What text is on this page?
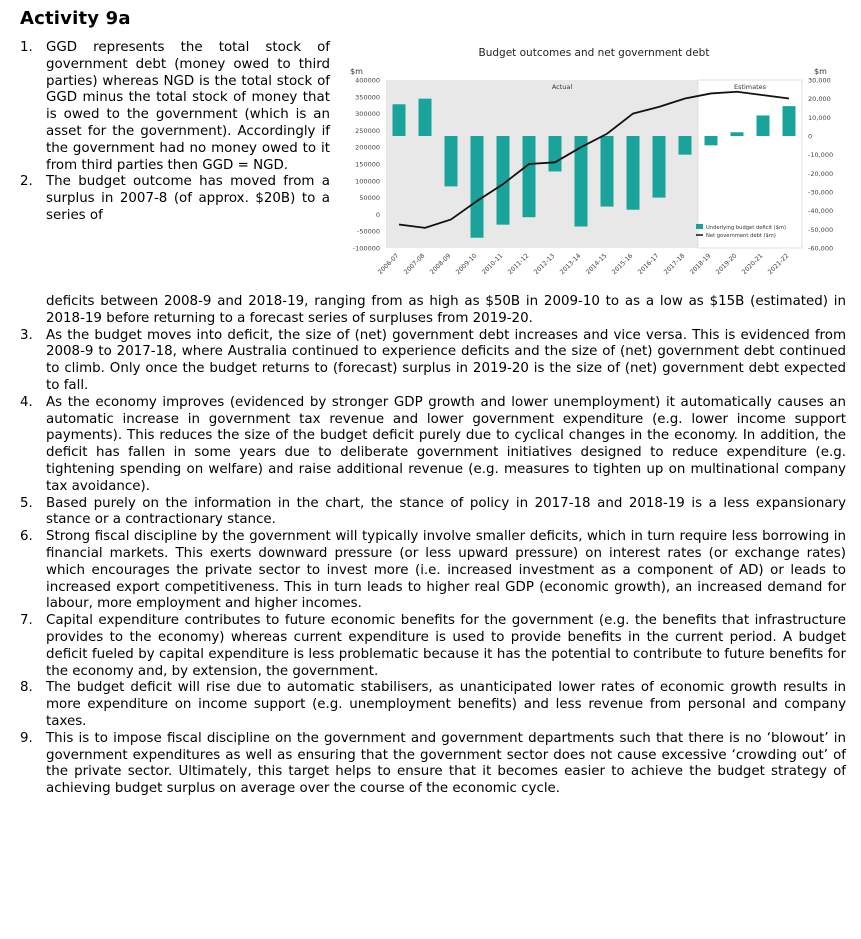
Activity 9a
1. GGD represents the total stock of government debt (money owed to third parties) whereas NGD is the total stock of GGD minus the total stock of money that is owed to the government (which is an asset for the government). Accordingly if the government had no money owed to it from third parties then GGD = NGD.

2. The budget outcome has moved from a surplus in 2007-8 (of approx. $20B) to a series of

Budget outcomes and net government debt
$m	$m
Actual	Estimates
400000
350000
300000
250000
200000
150000
100000
50000
0
-50000
-100000
30,000
20,000
10,000
0
-10,000
-20,000
-30,000
-40,000
-50,000
-60,000
2006-07 2007-08 2008-09 2009-10 2010-11 2011-12 2012-13 2013-14 2014-15 2015-16 2016-17 2017-18 2018-19 2019-20 2020-21 2021-22
Underlying budget deficit ($m)
Net government debt ($m)

deficits between 2008-9 and 2018-19, ranging from as high as $50B in 2009-10 to as a low as $15B (estimated) in 2018-19 before returning to a forecast series of surpluses from 2019-20.

3. As the budget moves into deficit, the size of (net) government debt increases and vice versa. This is evidenced from 2008-9 to 2017-18, where Australia continued to experience deficits and the size of (net) government debt continued to climb. Only once the budget returns to (forecast) surplus in 2019-20 is the size of (net) government debt expected to fall.

4. As the economy improves (evidenced by stronger GDP growth and lower unemployment) it automatically causes an automatic increase in government tax revenue and lower government expenditure (e.g. lower income support payments). This reduces the size of the budget deficit purely due to cyclical changes in the economy. In addition, the deficit has fallen in some years due to deliberate government initiatives designed to reduce expenditure (e.g. tightening spending on welfare) and raise additional revenue (e.g. measures to tighten up on multinational company tax avoidance).

5. Based purely on the information in the chart, the stance of policy in 2017-18 and 2018-19 is a less expansionary stance or a contractionary stance.

6. Strong fiscal discipline by the government will typically involve smaller deficits, which in turn require less borrowing in financial markets. This exerts downward pressure (or less upward pressure) on interest rates (or exchange rates) which encourages the private sector to invest more (i.e. increased investment as a component of AD) or leads to increased export competitiveness. This in turn leads to higher real GDP (economic growth), an increased demand for labour, more employment and higher incomes.

7. Capital expenditure contributes to future economic benefits for the government (e.g. the benefits that infrastructure provides to the economy) whereas current expenditure is used to provide benefits in the current period. A budget deficit fueled by capital expenditure is less problematic because it has the potential to contribute to future benefits for the economy and, by extension, the government.

8. The budget deficit will rise due to automatic stabilisers, as unanticipated lower rates of economic growth results in more expenditure on income support (e.g. unemployment benefits) and less revenue from personal and company taxes.

9. This is to impose fiscal discipline on the government and government departments such that there is no ‘blowout’ in government expenditures as well as ensuring that the government sector does not cause excessive ‘crowding out’ of the private sector. Ultimately, this target helps to ensure that it becomes easier to achieve the budget strategy of achieving budget surplus on average over the course of the economic cycle.
